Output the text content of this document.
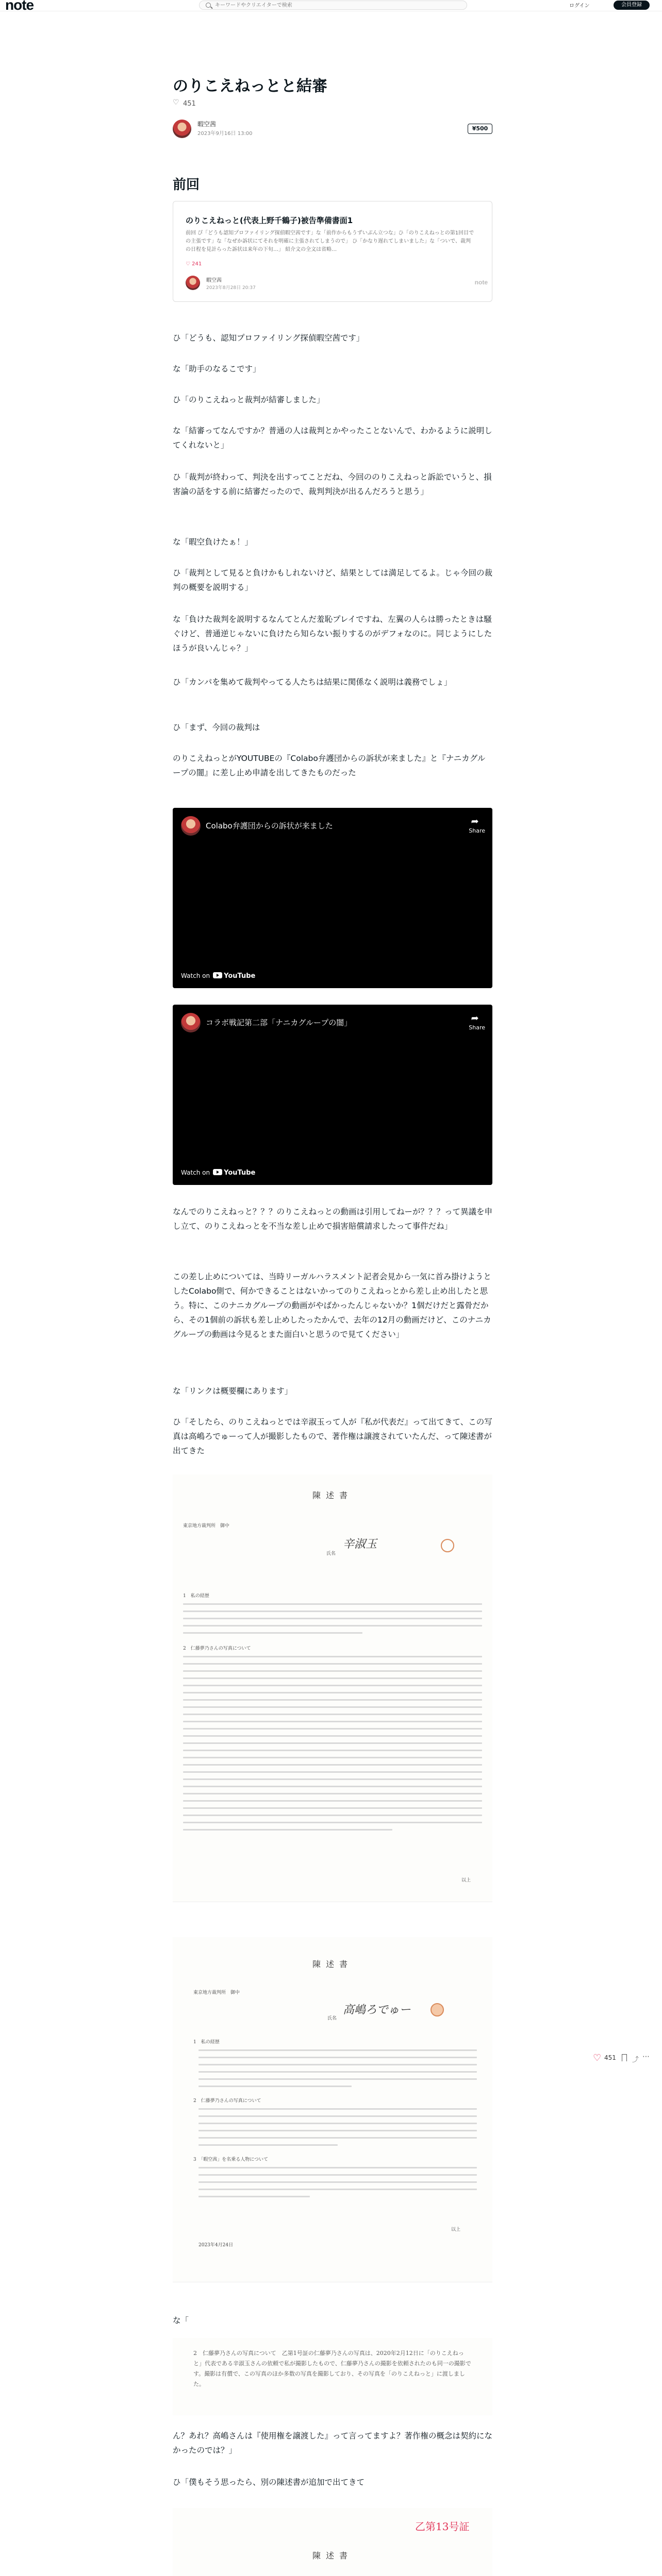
note
キーワードやクリエイターで検索	ログイン	会員登録
のりこえねっとと結審
♡451
暇空茜
2023年9月16日 13:00
¥500
前回
のりこえねっと(代表上野千鶴子)被告準備書面1
前回 ぴ「どうも認知プロファイリング探偵暇空茜です」な「前作からもうずいぶん立つな」ひ「のりこえねっとの第1回目での主張です」な「なぜか訴状にてそれを明確に主張されてしまうので」 ひ「かなり遅れてしまいました」な「ついで、裁判の日程を見計らった訴状は来年の下旬…」 紹介文の全文は省略…
♡ 241
暇空茜
2023年8月28日 20:37
note

ひ「どうも、認知プロファイリング探偵暇空茜です」

な「助手のなるこです」

ひ「のりこえねっと裁判が結審しました」

な「結審ってなんですか？普通の人は裁判とかやったことないんで、わかるように説明してくれないと」

ひ「裁判が終わって、判決を出すってことだね、今回ののりこえねっと訴訟でいうと、損害論の話をする前に結審だったので、裁判判決が出るんだろうと思う」

な「暇空負けたぁ！」

ひ「裁判として見ると負けかもしれないけど、結果としては満足してるよ。じゃ今回の裁判の概要を説明する」

な「負けた裁判を説明するなんてとんだ羞恥プレイですね、左翼の人らは勝ったときは騒ぐけど、普通逆じゃないに負けたら知らない振りするのがデフォなのに。同じようにしたほうが良いんじゃ？」

ひ「カンパを集めて裁判やってる人たちは結果に関係なく説明は義務でしょ」

ひ「まず、今回の裁判は

のりこえねっとがYOUTUBEの『Colabo弁護団からの訴状が来ました』と『ナニカグループの闇』に差し止め申請を出してきたものだった

Colabo弁護団からの訴状が来ました	➦
Share
Watch on YouTube
コラボ戦記第二部「ナニカグループの闇」	➦
Share
Watch on YouTube

なんでのりこえねっと？？？のりこえねっとの動画は引用してねーが？？？って異議を申し立て、のりこえねっとを不当な差し止めで損害賠償請求したって事件だね」

この差し止めについては、当時リーガルハラスメント記者会見から一気に首み掛けようとしたColabo側で、何かできることはないかってのりこえねっとから差し止め出したと思う。特に、このナニカグループの動画がやばかったんじゃないか？1個だけだと露骨だから、その1個前の訴状も差し止めしたったかんで、去年の12月の動画だけど、このナニカグループの動画は今見るとまた面白いと思うので見てください」

な「リンクは概要欄にあります」

ひ「そしたら、のりこえねっとでは辛淑玉って人が『私が代表だ』って出てきて、この写真は高嶋ろでゅーって人が撮影したもので、著作権は譲渡されていたんだ、って陳述書が出てきた

陳述書
東京地方裁判所　御中
氏名
辛淑玉
1　私の経歴
2　仁藤夢乃さんの写真について
以上
陳述書
東京地方裁判所　御中
氏名
高嶋ろでゅー
1　私の経歴
2　仁藤夢乃さんの写真について
3　「暇空茜」を名乗る人物について
以上
2023年4月24日

な「

2　仁藤夢乃さんの写真について　乙第1号証の仁藤夢乃さんの写真は、2020年2月12日に「のりこえねっと」代表である辛淑玉さんの依頼で私が撮影したもので、仁藤夢乃さんの撮影を依頼されたのも同一の撮影です。撮影は有償で、この写真のほか多数の写真を撮影しており、その写真を「のりこえねっと」に渡しました。

ん？あれ？高嶋さんは『使用権を譲渡した』って言ってますよ？著作権の概念は契約になかったのでは？」

ひ「僕もそう思ったら、別の陳述書が追加で出てきて

乙第13号証
陳述書

♡ 451 ⤴ ⋯
